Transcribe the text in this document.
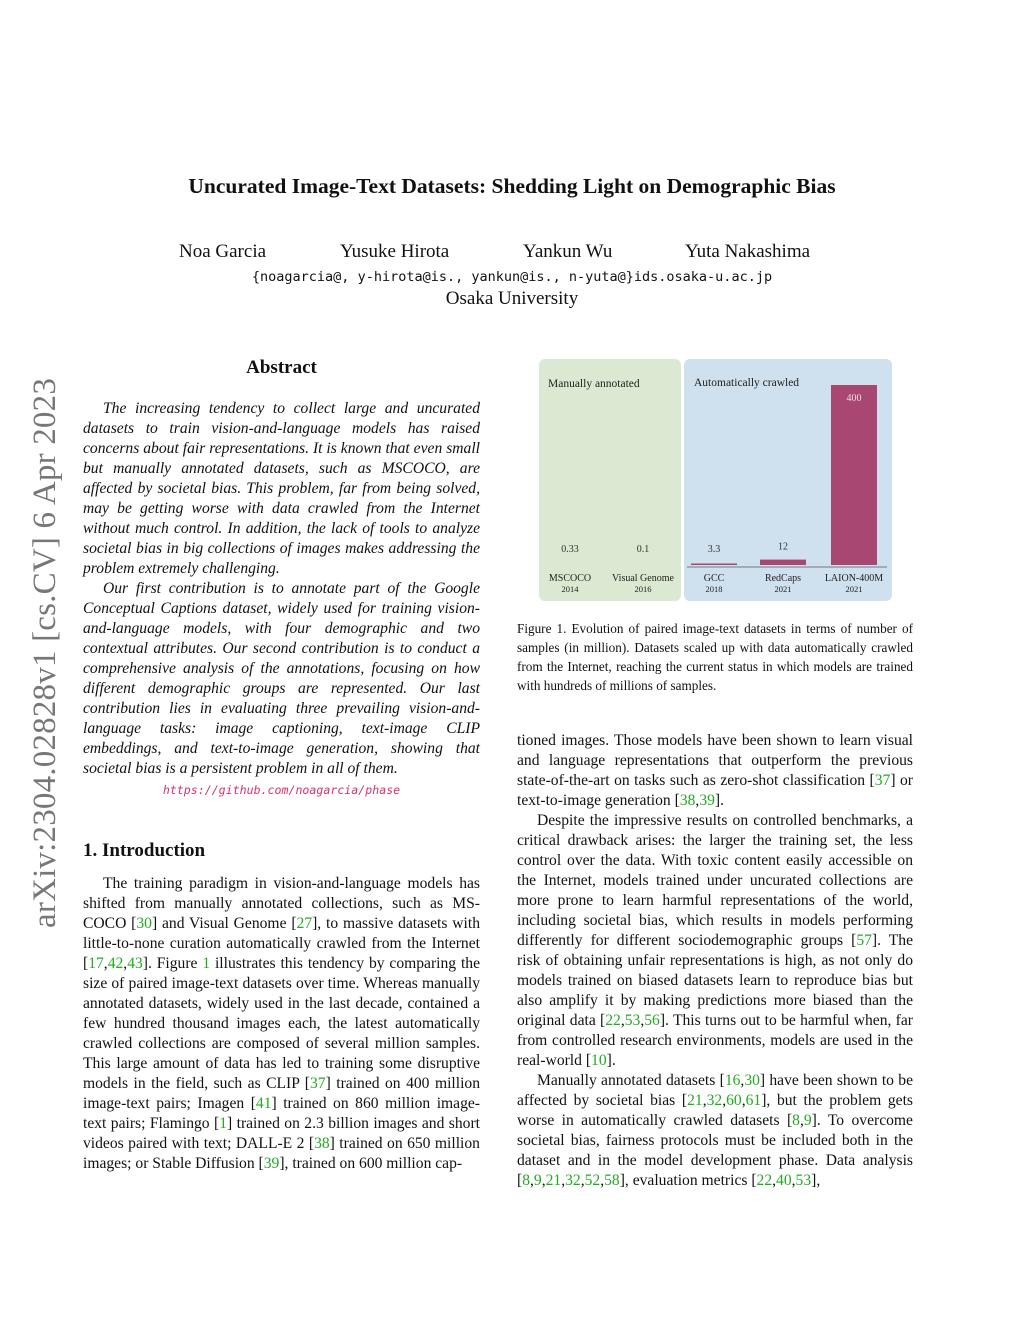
Uncurated Image-Text Datasets: Shedding Light on Demographic Bias
Noa Garcia	Yusuke Hirota	Yankun Wu	Yuta Nakashima
{noagarcia@, y-hirota@is., yankun@is., n-yuta@}ids.osaka-u.ac.jp
Osaka University
arXiv:2304.02828v1 [cs.CV] 6 Apr 2023
Abstract

The increasing tendency to collect large and uncurated datasets to train vision-and-language models has raised concerns about fair representations. It is known that even small but manually annotated datasets, such as MSCOCO, are affected by societal bias. This problem, far from being solved, may be getting worse with data crawled from the Internet without much control. In addition, the lack of tools to analyze societal bias in big collections of images makes addressing the problem extremely challenging.

Our first contribution is to annotate part of the Google Conceptual Captions dataset, widely used for training vision-and-language models, with four demographic and two contextual attributes. Our second contribution is to conduct a comprehensive analysis of the annotations, focusing on how different demographic groups are represented. Our last contribution lies in evaluating three prevailing vision-and-language tasks: image captioning, text-image CLIP embeddings, and text-to-image generation, showing that societal bias is a persistent problem in all of them.

https://github.com/noagarcia/phase
1. Introduction

The training paradigm in vision-and-language models has shifted from manually annotated collections, such as MS-COCO [30] and Visual Genome [27], to massive datasets with little-to-none curation automatically crawled from the Internet [17,42,43]. Figure 1 illustrates this tendency by comparing the size of paired image-text datasets over time. Whereas manually annotated datasets, widely used in the last decade, contained a few hundred thousand images each, the latest automatically crawled collections are composed of several million samples. This large amount of data has led to training some disruptive models in the field, such as CLIP [37] trained on 400 million image-text pairs; Imagen [41] trained on 860 million image-text pairs; Flamingo [1] trained on 2.3 billion images and short videos paired with text; DALL-E 2 [38] trained on 650 million images; or Stable Diffusion [39], trained on 600 million cap-

Manually annotated	Automatically crawled
0.33
MSCOCO
2014
0.1
Visual Genome
2016
3.3
GCC
2018
12
RedCaps
2021
400
LAION-400M
2021
Figure 1. Evolution of paired image-text datasets in terms of number of samples (in million). Datasets scaled up with data automatically crawled from the Internet, reaching the current status in which models are trained with hundreds of millions of samples.

tioned images. Those models have been shown to learn visual and language representations that outperform the previous state-of-the-art on tasks such as zero-shot classification [37] or text-to-image generation [38,39].

Despite the impressive results on controlled benchmarks, a critical drawback arises: the larger the training set, the less control over the data. With toxic content easily accessible on the Internet, models trained under uncurated collections are more prone to learn harmful representations of the world, including societal bias, which results in models performing differently for different sociodemographic groups [57]. The risk of obtaining unfair representations is high, as not only do models trained on biased datasets learn to reproduce bias but also amplify it by making predictions more biased than the original data [22,53,56]. This turns out to be harmful when, far from controlled research environments, models are used in the real-world [10].

Manually annotated datasets [16,30] have been shown to be affected by societal bias [21,32,60,61], but the problem gets worse in automatically crawled datasets [8,9]. To overcome societal bias, fairness protocols must be included both in the dataset and in the model development phase. Data analysis [8,9,21,32,52,58], evaluation metrics [22,40,53],
